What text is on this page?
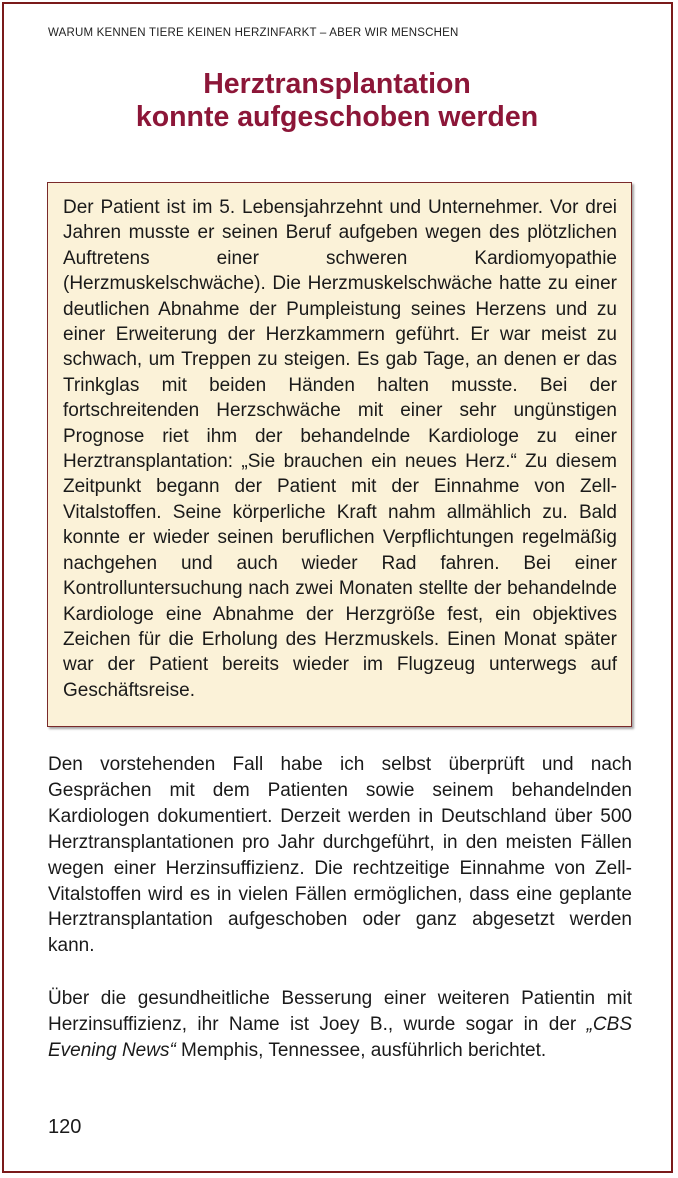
WARUM KENNEN TIERE KEINEN HERZINFARKT – ABER WIR MENSCHEN
Herztransplantation
konnte aufgeschoben werden

Der Patient ist im 5. Lebensjahrzehnt und Unternehmer. Vor drei Jahren musste er seinen Beruf aufgeben wegen des plötzlichen Auftretens einer schweren Kardiomyopathie (Herzmuskelschwäche). Die Herzmuskelschwäche hatte zu einer deutlichen Abnahme der Pumpleistung seines Herzens und zu einer Erweiterung der Herzkammern geführt. Er war meist zu schwach, um Treppen zu steigen. Es gab Tage, an denen er das Trinkglas mit beiden Händen halten musste. Bei der fortschreitenden Herzschwäche mit einer sehr ungünstigen Prognose riet ihm der behandelnde Kardiologe zu einer Herztransplantation: „Sie brauchen ein neues Herz.“ Zu diesem Zeitpunkt begann der Patient mit der Einnahme von Zell-Vitalstoffen. Seine körperliche Kraft nahm allmählich zu. Bald konnte er wieder seinen beruflichen Verpflichtungen regelmäßig nachgehen und auch wieder Rad fahren. Bei einer Kontrolluntersuchung nach zwei Monaten stellte der behandelnde Kardiologe eine Abnahme der Herzgröße fest, ein objektives Zeichen für die Erholung des Herzmuskels. Einen Monat später war der Patient bereits wieder im Flugzeug unterwegs auf Geschäftsreise.

Den vorstehenden Fall habe ich selbst überprüft und nach Gesprächen mit dem Patienten sowie seinem behandelnden Kardiologen dokumentiert. Derzeit werden in Deutschland über 500 Herztransplantationen pro Jahr durchgeführt, in den meisten Fällen wegen einer Herzinsuffizienz. Die rechtzeitige Einnahme von Zell-Vitalstoffen wird es in vielen Fällen ermöglichen, dass eine geplante Herztransplantation aufgeschoben oder ganz abgesetzt werden kann.

Über die gesundheitliche Besserung einer weiteren Patientin mit Herzinsuffizienz, ihr Name ist Joey B., wurde sogar in der „CBS Evening News“ Memphis, Tennessee, ausführlich berichtet.

120
